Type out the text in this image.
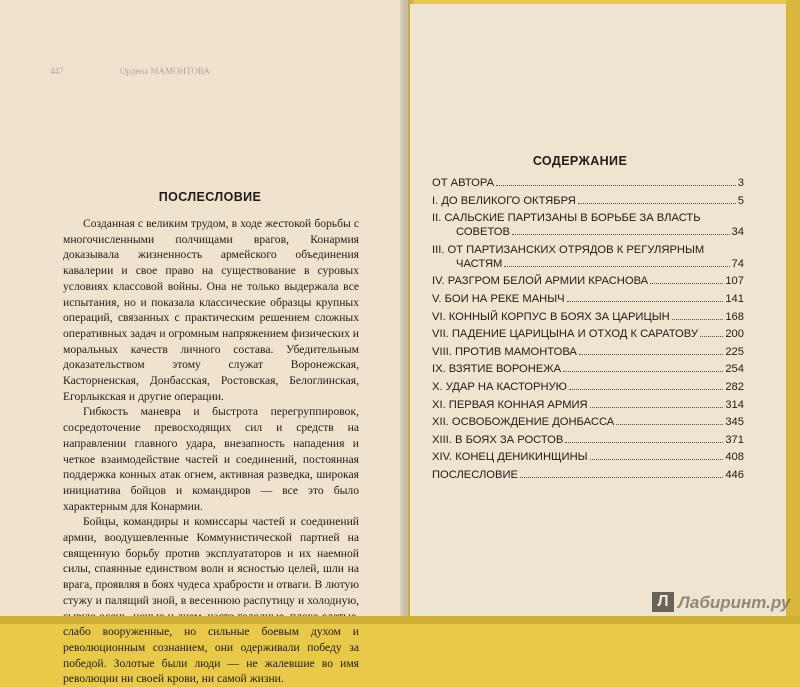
447	Ордена МАМОНТОВА
ПОСЛЕСЛОВИЕ

Созданная с великим трудом, в ходе жестокой борьбы с многочисленными полчищами врагов, Конармия доказывала жизненность армейского объединения кавалерии и свое право на существование в суровых условиях классовой войны. Она не только выдержала все испытания, но и показала классические образцы крупных операций, связанных с практическим решением сложных оперативных задач и огромным напряжением физических и моральных качеств личного состава. Убедительным доказательством этому служат Воронежская, Касторненская, Донбасская, Ростовская, Белоглинская, Егорлыкская и другие операции.

Гибкость маневра и быстрота перегруппировок, сосредоточение превосходящих сил и средств на направлении главного удара, внезапность нападения и четкое взаимодействие частей и соединений, постоянная поддержка конных атак огнем, активная разведка, широкая инициатива бойцов и командиров — все это было характерным для Конармии.

Бойцы, командиры и комиссары частей и соединений армии, воодушевленные Коммунистической партией на священную борьбу против эксплуататоров и их наемной силы, спаянные единством воли и ясностью целей, шли на врага, проявляя в боях чудеса храбрости и отваги. В лютую стужу и палящий зной, в весеннюю распутицу и холодную, слабо вооруженные, но сильные боевым духом и революционным сознанием, они одерживали победу за победой. Золотые были люди — не жалевшие во имя революции ни своей крови, ни самой жизни.

СОДЕРЖАНИЕ
ОТ АВТОРА	3
I. ДО ВЕЛИКОГО ОКТЯБРЯ	5
II. САЛЬСКИЕ ПАРТИЗАНЫ В БОРЬБЕ ЗА ВЛАСТЬ
СОВЕТОВ	34
III. ОТ ПАРТИЗАНСКИХ ОТРЯДОВ К РЕГУЛЯРНЫМ
ЧАСТЯМ	74
IV. РАЗГРОМ БЕЛОЙ АРМИИ КРАСНОВА	107
V. БОИ НА РЕКЕ МАНЫЧ	141
VI. КОННЫЙ КОРПУС В БОЯХ ЗА ЦАРИЦЫН	168
VII. ПАДЕНИЕ ЦАРИЦЫНА И ОТХОД К САРАТОВУ 200
VIII. ПРОТИВ МАМОНТОВА	225
IX. ВЗЯТИЕ ВОРОНЕЖА	254
X. УДАР НА КАСТОРНУЮ	282
XI. ПЕРВАЯ КОННАЯ АРМИЯ	314
XII. ОСВОБОЖДЕНИЕ ДОНБАССА	345
XIII. В БОЯХ ЗА РОСТОВ	371
XIV. КОНЕЦ ДЕНИКИНЩИНЫ	408
ПОСЛЕСЛОВИЕ	446
Л Лабиринт.ру
